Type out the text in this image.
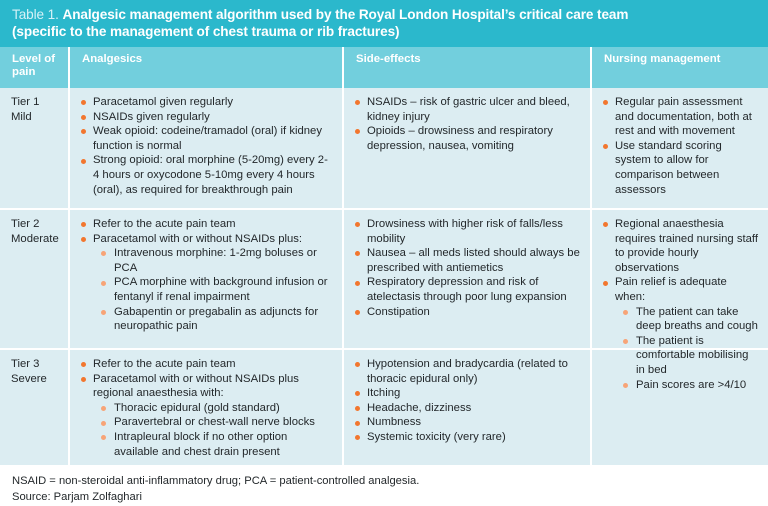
Table 1. Analgesic management algorithm used by the Royal London Hospital’s critical care team
(specific to the management of chest trauma or rib fractures)
Level of pain
Analgesics	Side-effects	Nursing management
Tier 1
Mild
Paracetamol given regularly
NSAIDs given regularly
Weak opioid: codeine/tramadol (oral) if kidney function is normal
Strong opioid: oral morphine (5-20mg) every 2-4 hours or oxycodone 5-10mg every 4 hours (oral), as required for breakthrough pain
NSAIDs – risk of gastric ulcer and bleed, kidney injury
Opioids – drowsiness and respiratory depression, nausea, vomiting
Regular pain assessment and documentation, both at rest and with movement
Use standard scoring system to allow for comparison between assessors
Tier 2
Moderate
Refer to the acute pain team
Paracetamol with or without NSAIDs plus:
Intravenous morphine: 1-2mg boluses or PCA
PCA morphine with background infusion or fentanyl if renal impairment
Gabapentin or pregabalin as adjuncts for neuropathic pain
Drowsiness with higher risk of falls/less mobility
Nausea – all meds listed should always be prescribed with antiemetics
Respiratory depression and risk of atelectasis through poor lung expansion
Constipation
Regional anaesthesia requires trained nursing staff to provide hourly observations
Pain relief is adequate when:
The patient can take deep breaths and cough
The patient is comfortable mobilising in bed
Pain scores are >4/10
Tier 3
Severe
Refer to the acute pain team
Paracetamol with or without NSAIDs plus regional anaesthesia with:
Thoracic epidural (gold standard)
Paravertebral or chest-wall nerve blocks
Intrapleural block if no other option available and chest drain present
Hypotension and bradycardia (related to thoracic epidural only)
Itching
Headache, dizziness
Numbness
Systemic toxicity (very rare)
NSAID = non-steroidal anti-inflammatory drug; PCA = patient-controlled analgesia.
Source: Parjam Zolfaghari
